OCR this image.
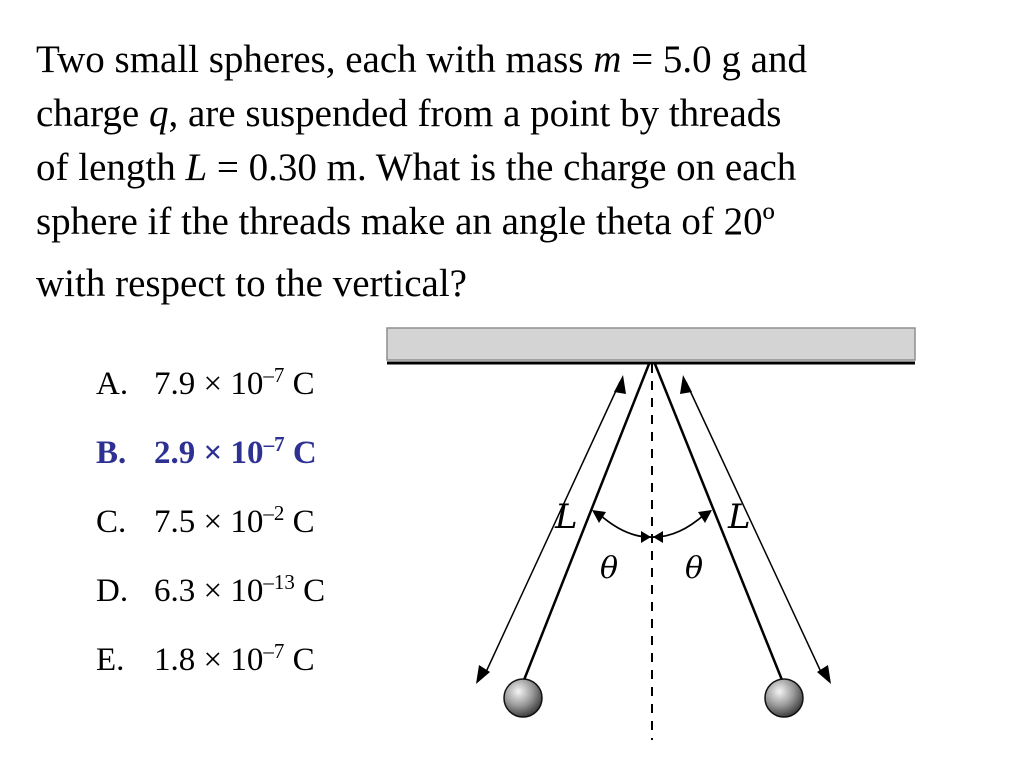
Two small spheres, each with mass m = 5.0 g and
charge q, are suspended from a point by threads
of length L = 0.30 m. What is the charge on each
sphere if the threads make an angle theta of 20º
with respect to the vertical?
A. $7.9 \times 10^{-7}$ C
B. $2.9 \times 10^{-7}$ C
C. $7.5 \times 10^{-2}$ C
D. $6.3 \times 10^{-13}$ C
E. $1.8 \times 10^{-7}$ C
L	L
θ θ
